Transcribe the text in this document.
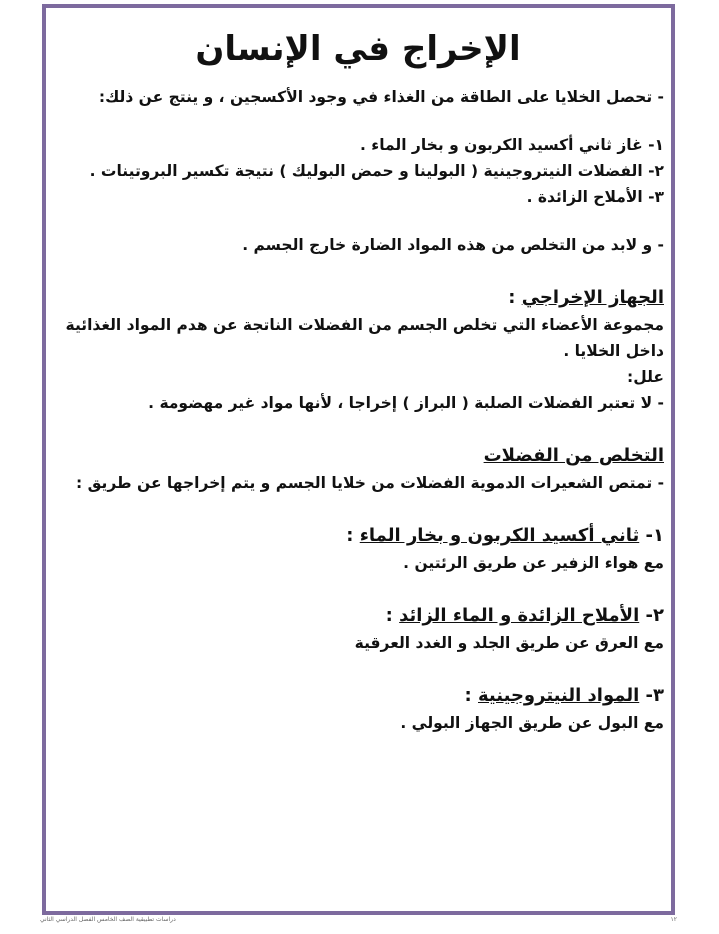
الإخراج في الإنسان
- تحصل الخلايا على الطاقة من الغذاء في وجود الأكسجين ، و ينتج عن ذلك:
١- غاز ثاني أكسيد الكربون و بخار الماء .
٢- الفضلات النيتروجينية ( البولينا و حمض البوليك ) نتيجة تكسير البروتينات .
٣- الأملاح الزائدة .
- و لابد من التخلص من هذه المواد الضارة خارج الجسم .
الجهاز الإخراجي :
مجموعة الأعضاء التي تخلص الجسم من الفضلات الناتجة عن هدم المواد الغذائية داخل الخلايا .
علل:
- لا تعتبر الفضلات الصلبة ( البراز ) إخراجا ، لأنها مواد غير مهضومة .
التخلص من الفضلات
- تمتص الشعيرات الدموية الفضلات من خلايا الجسم و يتم إخراجها عن طريق :
١- ثاني أكسيد الكربون و بخار الماء :
مع هواء الزفير عن طريق الرئتين .
٢- الأملاح الزائدة و الماء الزائد :
مع العرق عن طريق الجلد و الغدد العرقية
٣- المواد النيتروجينية :
مع البول عن طريق الجهاز البولي .
دراسات تطبيقية الصف الخامس الفصل الدراسي الثاني	١٢
